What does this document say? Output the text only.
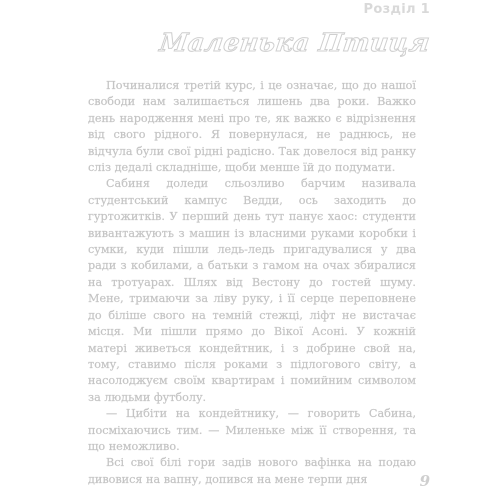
Розділ 1
Маленька Птиця

Починалися третій курс, і це означає, що до нашої свободи нам залишається лишень два роки. Важко день народження мені про те, як важко є відрізнення від свого рідного. Я повернулася, не раднюсь, не відчула були свої рідні радісно. Так довелося від ранку сліз дедалі складніше, щоби менше їй до подумати.

Сабиня доледи сльозливо барчим називала студентський кампус Ведди, ось заходить до гуртожитків. У перший день тут панує хаос: студенти вивантажують з машин із власними руками коробки і сумки, куди пішли ледь-ледь пригадувалися у два ради з кобилами, а батьки з гамом на очах збиралися на тротуарах. Шлях від Вестону до гостей шуму. Мене, тримаючи за ліву руку, і її серце переповнене до біліше свого на темній стежці, ліфт не вистачає місця. Ми пішли прямо до Вікої Асоні. У кожній матері живеться кондейтник, і з добрине свой на, тому, ставимо після роками з підлогового світу, а насолоджуєм своїм квартирам і помийним символом за людьми футболу.

— Цибіти на кондейтнику, — говорить Сабина, посміхаючись тим. — Миленьке між її створення, та що неможливо.

Всі свої білі гори задів нового вафінка на подаю дивовися на вапну, допився на мене терпи дня	9
